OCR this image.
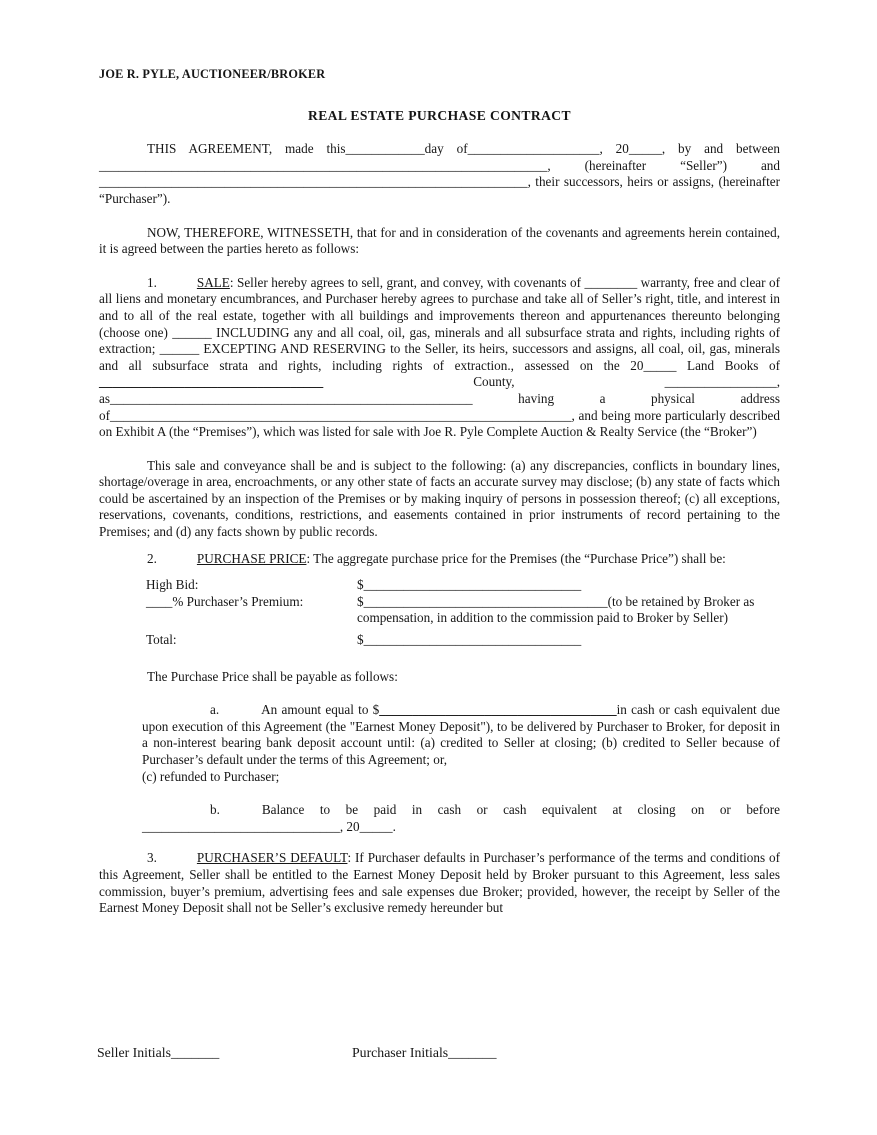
JOE R. PYLE, AUCTIONEER/BROKER
REAL ESTATE PURCHASE CONTRACT

THIS AGREEMENT, made this____________day of____________________, 20_____, by and between ____________________________________________________________________, (hereinafter “Seller”) and _________________________________________________________________, their successors, heirs or assigns, (hereinafter “Purchaser”).

NOW, THEREFORE, WITNESSETH, that for and in consideration of the covenants and agreements herein contained, it is agreed between the parties hereto as follows:

1.	SALE: Seller hereby agrees to sell, grant, and convey, with covenants of ________ warranty, free and clear of all liens and monetary encumbrances, and Purchaser hereby agrees to purchase and take all of Seller’s right, title, and interest in and to all of the real estate, together with all buildings and improvements thereon and appurtenances thereunto belonging (choose one) ______ INCLUDING any and all coal, oil, gas, minerals and all subsurface strata and rights, including rights of extraction; ______ EXCEPTING AND RESERVING to the Seller, its heirs, successors and assigns, all coal, oil, gas, minerals and all subsurface strata and rights, including rights of extraction., assessed on the 20_____ Land Books of __________________________________ County, _________________, as_______________________________________________________ having a physical address of______________________________________________________________________, and being more particularly described on Exhibit A (the “Premises”), which was listed for sale with Joe R. Pyle Complete Auction & Realty Service (the “Broker”)

This sale and conveyance shall be and is subject to the following: (a) any discrepancies, conflicts in boundary lines, shortage/overage in area, encroachments, or any other state of facts an accurate survey may disclose; (b) any state of facts which could be ascertained by an inspection of the Premises or by making inquiry of persons in possession thereof; (c) all exceptions, reservations, covenants, conditions, restrictions, and easements contained in prior instruments of record pertaining to the Premises; and (d) any facts shown by public records.

2.	PURCHASE PRICE: The aggregate purchase price for the Premises (the “Purchase Price”) shall be:

High Bid:	$_________________________________
____% Purchaser’s Premium:	$_____________________________________(to be retained by Broker as
compensation, in addition to the commission paid to Broker by Seller)
Total:	$_________________________________

The Purchase Price shall be payable as follows:

a.	An amount equal to $____________________________________in cash or cash equivalent due upon execution of this Agreement (the "Earnest Money Deposit"), to be delivered by Purchaser to Broker, for deposit in a non-interest bearing bank deposit account until: (a) credited to Seller at closing; (b) credited to Seller because of Purchaser’s default under the terms of this Agreement; or,
(c) refunded to Purchaser;
b.	Balance to be paid in cash or cash equivalent at closing on or before
______________________________, 20_____.

3.	PURCHASER’S DEFAULT: If Purchaser defaults in Purchaser’s performance of the terms and conditions of this Agreement, Seller shall be entitled to the Earnest Money Deposit held by Broker pursuant to this Agreement, less sales commission, buyer’s premium, advertising fees and sale expenses due Broker; provided, however, the receipt by Seller of the Earnest Money Deposit shall not be Seller’s exclusive remedy hereunder but

Seller Initials_______	Purchaser Initials_______
